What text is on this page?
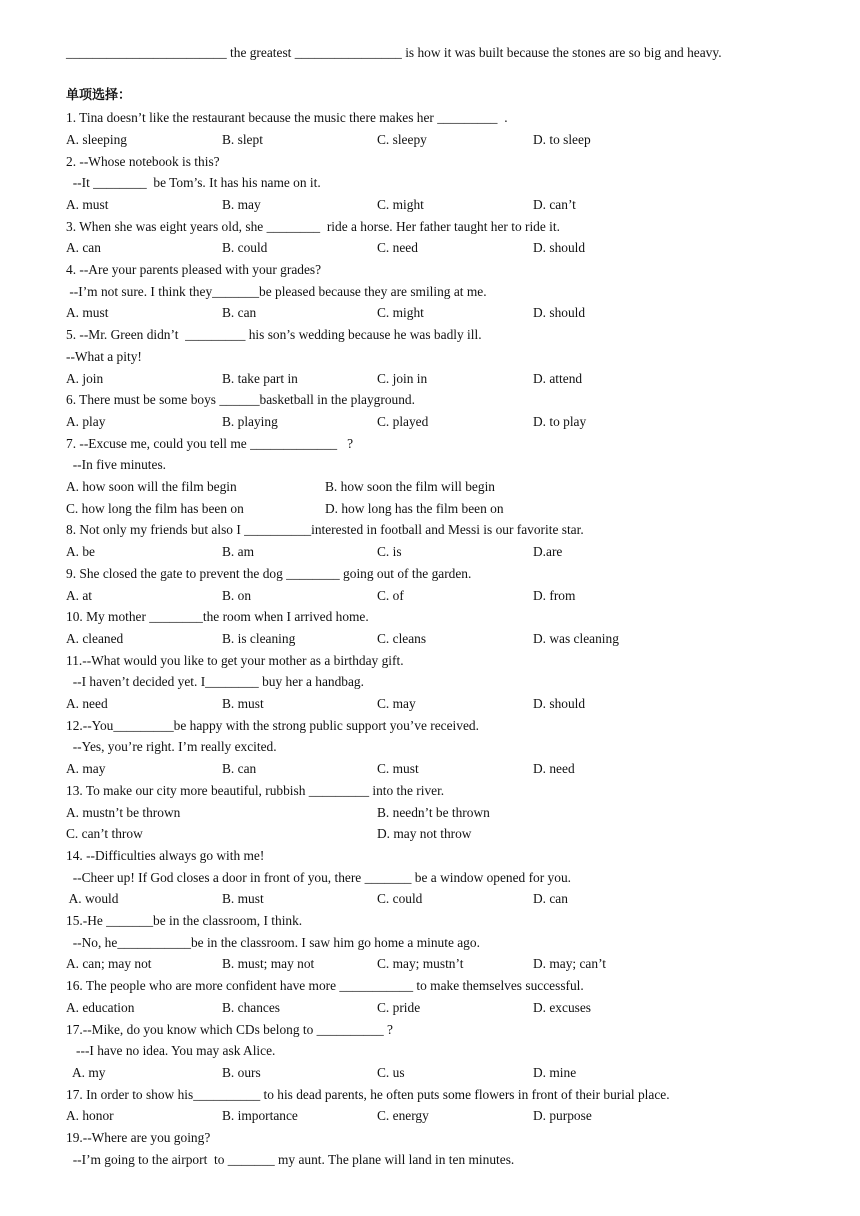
________________________ the greatest ________________ is how it was built because the stones are so big and heavy.
单项选择：
1. Tina doesn’t like the restaurant because the music there makes her _________  .
A. sleeping	B. slept	C. sleepy	D. to sleep
2. --Whose notebook is this?
--It ________  be Tom’s. It has his name on it.
A. must	B. may	C. might	D. can’t
3. When she was eight years old, she ________  ride a horse. Her father taught her to ride it.
A. can	B. could	C. need	D. should
4. --Are your parents pleased with your grades?
--I’m not sure. I think they_______be pleased because they are smiling at me.
A. must	B. can	C. might	D. should
5. --Mr. Green didn’t  _________ his son’s wedding because he was badly ill.
--What a pity!
A. join	B. take part in	C. join in	D. attend
6. There must be some boys ______basketball in the playground.
A. play	B. playing	C. played	D. to play
7. --Excuse me, could you tell me _____________   ?
--In five minutes.
A. how soon will the film begin	B. how soon the film will begin
C. how long the film has been on	D. how long has the film been on
8. Not only my friends but also I __________interested in football and Messi is our favorite star.
A. be	B. am	C. is	D.are
9. She closed the gate to prevent the dog ________ going out of the garden.
A. at	B. on	C. of	D. from
10. My mother ________the room when I arrived home.
A. cleaned	B. is cleaning	C. cleans	D. was cleaning
11.--What would you like to get your mother as a birthday gift.
--I haven’t decided yet. I________ buy her a handbag.
A. need	B. must	C. may	D. should
12.--You_________be happy with the strong public support you’ve received.
--Yes, you’re right. I’m really excited.
A. may	B. can	C. must	D. need
13. To make our city more beautiful, rubbish _________ into the river.
A. mustn’t be thrown	B. needn’t be thrown
C. can’t throw	D. may not throw
14. --Difficulties always go with me!
--Cheer up! If God closes a door in front of you, there _______ be a window opened for you.
A. would	B. must	C. could	D. can
15.-He _______be in the classroom, I think.
--No, he___________be in the classroom. I saw him go home a minute ago.
A. can; may not	B. must; may not	C. may; mustn’t	D. may; can’t
16. The people who are more confident have more ___________ to make themselves successful.
A. education	B. chances	C. pride	D. excuses
17.--Mike, do you know which CDs belong to __________ ?
---I have no idea. You may ask Alice.
A. my	B. ours	C. us	D. mine
17. In order to show his__________ to his dead parents, he often puts some flowers in front of their burial place.
A. honor	B. importance	C. energy	D. purpose
19.--Where are you going?
--I’m going to the airport  to _______ my aunt. The plane will land in ten minutes.
